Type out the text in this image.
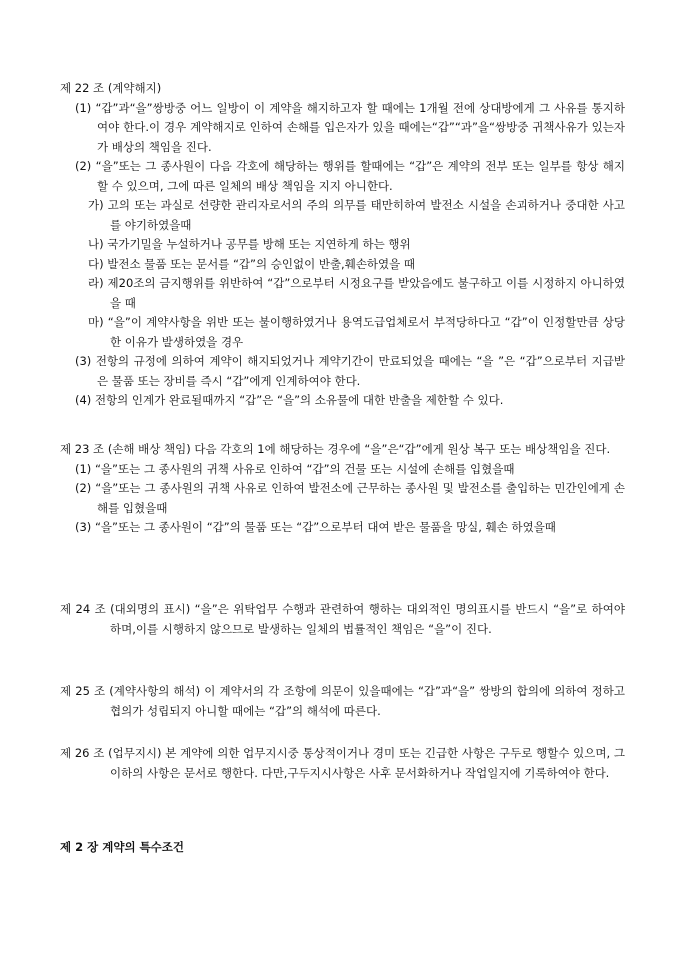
제 22 조 (계약해지)

(1) “갑”과“을”쌍방중 어느 일방이 이 계약을 해지하고자 할 때에는 1개월 전에 상대방에게 그 사유를 통지하여야 한다.이 경우 계약해지로 인하여 손해를 입은자가 있을 때에는“갑”“과”을“쌍방중 귀책사유가 있는자가 배상의 책임을 진다.

(2) “을”또는 그 종사원이 다음 각호에 해당하는 행위를 할때에는 “갑”은 계약의 전부 또는 일부를 항상 해지할 수 있으며, 그에 따른 일체의 배상 책임을 지지 아니한다.

가) 고의 또는 과실로 선량한 관리자로서의 주의 의무를 태만히하여 발전소 시설을 손괴하거나 중대한 사고를 야기하였을때

나) 국가기밀을 누설하거나 공무를 방해 또는 지연하게 하는 행위

다) 발전소 물품 또는 문서를 “갑”의 승인없이 반출,훼손하였을 때

라) 제20조의 금지행위를 위반하여 “갑”으로부터 시정요구를 받았음에도 불구하고 이를 시정하지 아니하였을 때

마) “을”이 계약사항을 위반 또는 불이행하였거나 용역도급업체로서 부적당하다고 “갑”이 인정할만큼 상당한 이유가 발생하였을 경우

(3) 전항의 규정에 의하여 계약이 해지되었거나 계약기간이 만료되었을 때에는 “을 ”은 “갑”으로부터 지급받은 물품 또는 장비를 즉시 “갑”에게 인계하여야 한다.

(4) 전항의 인계가 완료될때까지 “갑”은 “을”의 소유물에 대한 반출을 제한할 수 있다.

제 23 조 (손해 배상 책임) 다음 각호의 1에 해당하는 경우에 “을”은“갑”에게 원상 복구 또는 배상책임을 진다.

(1) “을”또는 그 종사원의 귀책 사유로 인하여 “갑”의 건물 또는 시설에 손해를 입혔을때

(2) “을”또는 그 종사원의 귀책 사유로 인하여 발전소에 근무하는 종사원 및 발전소를 출입하는 민간인에게 손해를 입혔을때

(3) “을”또는 그 종사원이 “갑”의 물품 또는 “갑”으로부터 대여 받은 물품을 망실, 훼손 하였을때

제 24 조 (대외명의 표시) “을”은 위탁업무 수행과 관련하여 행하는 대외적인 명의표시를 반드시 “을”로 하여야 하며,이를 시행하지 않으므로 발생하는 일체의 법률적인 책임은 “을”이 진다.

제 25 조 (계약사항의 해석) 이 계약서의 각 조항에 의문이 있을때에는 “갑”과“을” 쌍방의 합의에 의하여 정하고 협의가 성립되지 아니할 때에는 “갑”의 해석에 따른다.

제 26 조 (업무지시) 본 계약에 의한 업무지시중 통상적이거나 경미 또는 긴급한 사항은 구두로 행할수 있으며, 그 이하의 사항은 문서로 행한다. 다만,구두지시사항은 사후 문서화하거나 작업일지에 기록하여야 한다.

제 2 장 계약의 특수조건
